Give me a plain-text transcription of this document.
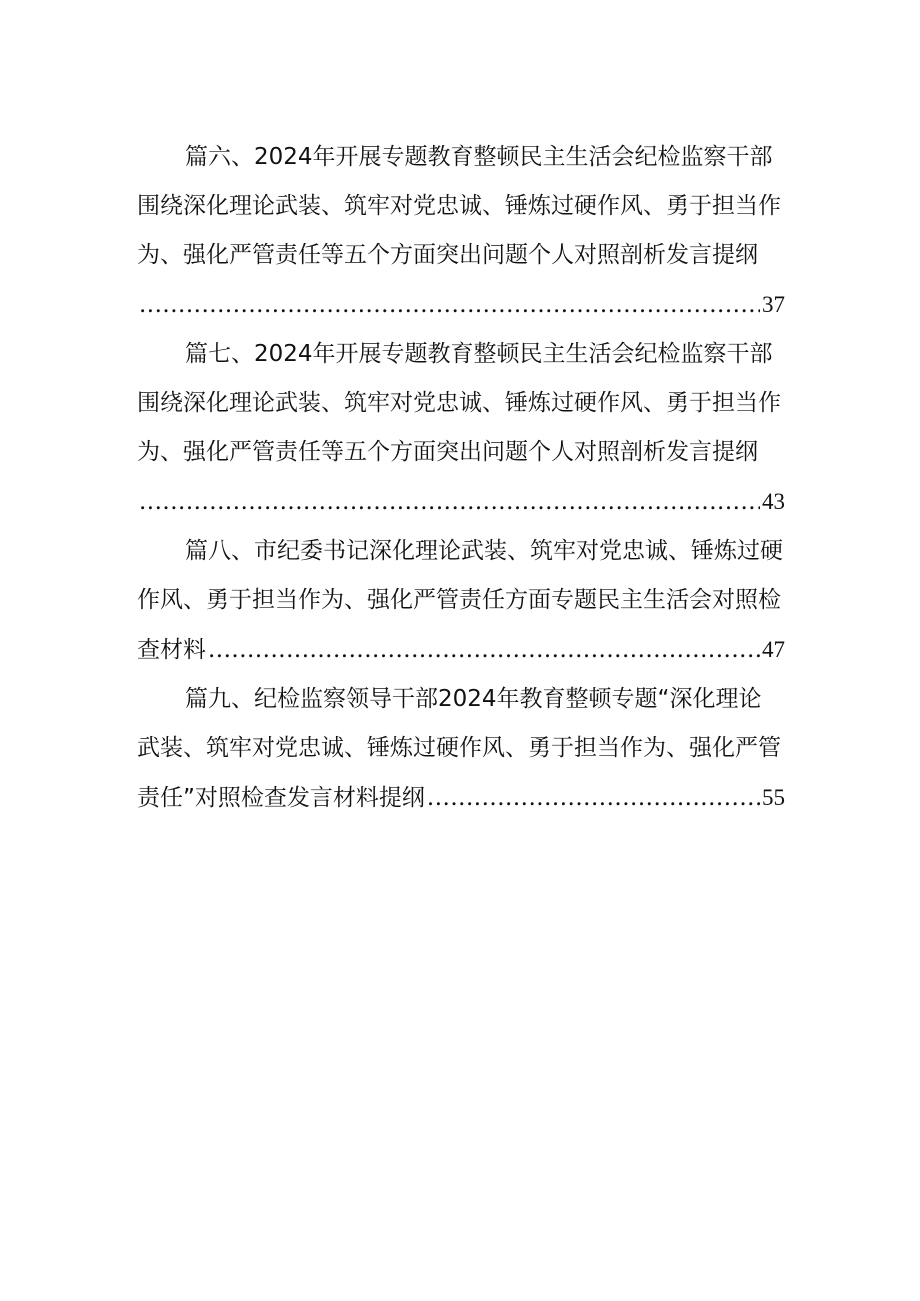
篇六、2024年开展专题教育整顿民主生活会纪检监察干部
围绕深化理论武装、筑牢对党忠诚、锤炼过硬作风、勇于担当作
为、强化严管责任等五个方面突出问题个人对照剖析发言提纲
.....
37
篇七、2024年开展专题教育整顿民主生活会纪检监察干部
围绕深化理论武装、筑牢对党忠诚、锤炼过硬作风、勇于担当作
为、强化严管责任等五个方面突出问题个人对照剖析发言提纲
.....
43
篇八、市纪委书记深化理论武装、筑牢对党忠诚、锤炼过硬
作风、勇于担当作为、强化严管责任方面专题民主生活会对照检
查材料 .....	47
篇九、纪检监察领导干部2024年教育整顿专题“深化理论
武装、筑牢对党忠诚、锤炼过硬作风、勇于担当作为、强化严管
责任”对照检查发言材料提纲 .....	55
